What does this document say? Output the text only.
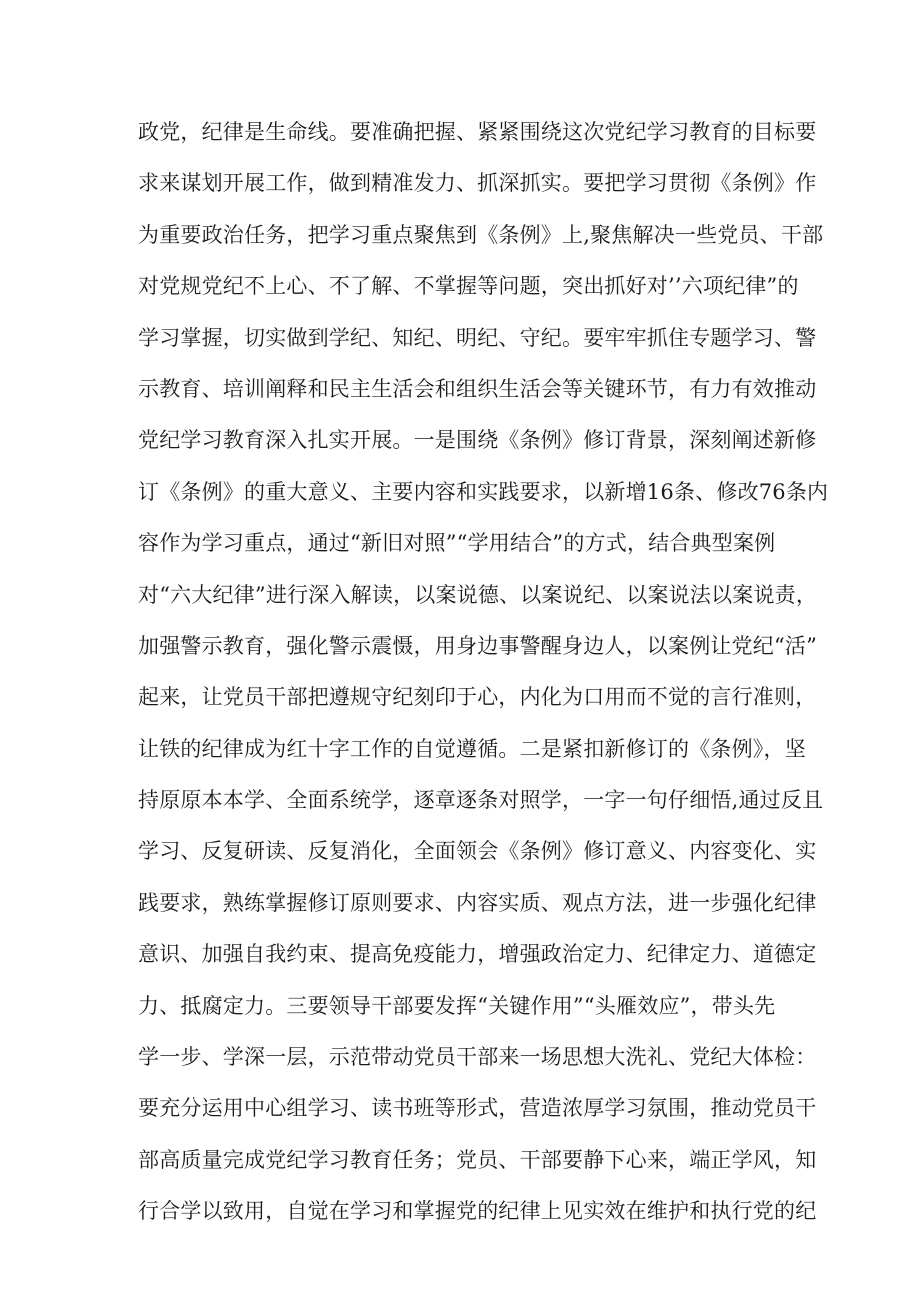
政党，纪律是生命线。要准确把握、紧紧围绕这次党纪学习教育的目标要
求来谋划开展工作，做到精准发力、抓深抓实。要把学习贯彻《条例》作
为重要政治任务，把学习重点聚焦到《条例》上,聚焦解决一些党员、干部
对党规党纪不上心、不了解、不掌握等问题，突出抓好对’’六项纪律”的
学习掌握，切实做到学纪、知纪、明纪、守纪。要牢牢抓住专题学习、警
示教育、培训阐释和民主生活会和组织生活会等关键环节，有力有效推动
党纪学习教育深入扎实开展。一是围绕《条例》修订背景，深刻阐述新修
订《条例》的重大意义、主要内容和实践要求，以新增16条、修改76条内
容作为学习重点，通过“新旧对照”“学用结合”的方式，结合典型案例
对“六大纪律”进行深入解读，以案说德、以案说纪、以案说法以案说责，
加强警示教育，强化警示震慑，用身边事警醒身边人，以案例让党纪“活”
起来，让党员干部把遵规守纪刻印于心，内化为口用而不觉的言行准则，
让铁的纪律成为红十字工作的自觉遵循。二是紧扣新修订的《条例》，坚
持原原本本学、全面系统学，逐章逐条对照学，一字一句仔细悟,通过反且
学习、反复研读、反复消化，全面领会《条例》修订意义、内容变化、实
践要求，熟练掌握修订原则要求、内容实质、观点方法，进一步强化纪律
意识、加强自我约束、提高免疫能力，增强政治定力、纪律定力、道德定
力、抵腐定力。三要领导干部要发挥“关键作用”“头雁效应”，带头先
学一步、学深一层，示范带动党员干部来一场思想大洗礼、党纪大体检：
要充分运用中心组学习、读书班等形式，营造浓厚学习氛围，推动党员干
部高质量完成党纪学习教育任务；党员、干部要静下心来，端正学风，知
行合学以致用，自觉在学习和掌握党的纪律上见实效在维护和执行党的纪
